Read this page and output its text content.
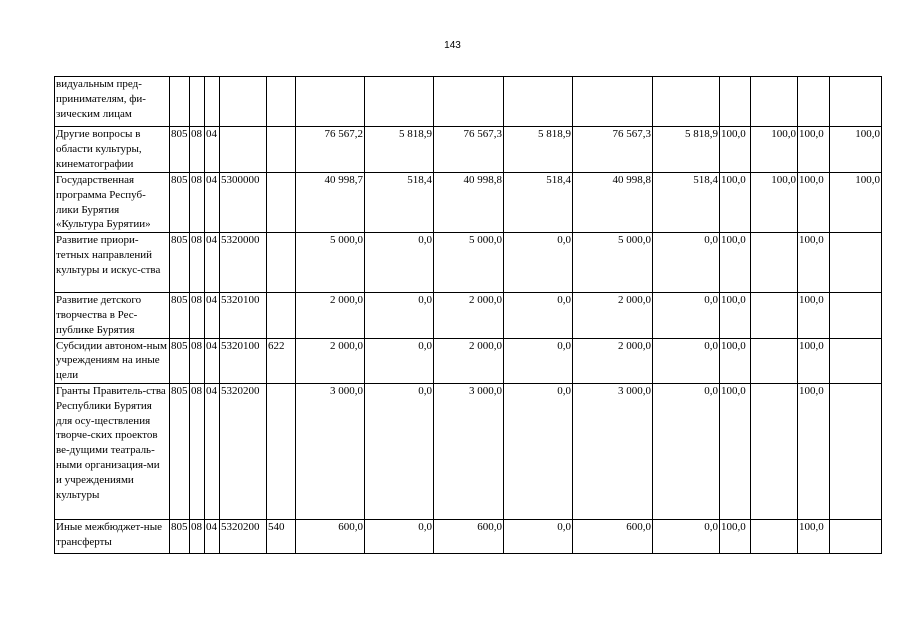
143
видуальным пред-принимателям, фи-зическим лицам															
Другие вопросы в области культуры, кинематографии	805	08	04			76 567,2	5 818,9	76 567,3	5 818,9	76 567,3	5 818,9	100,0	100,0	100,0	100,0
Государственная программа Респуб-лики Бурятия «Культура Бурятии»	805	08	04	5300000		40 998,7	518,4	40 998,8	518,4	40 998,8	518,4	100,0	100,0	100,0	100,0
Развитие приори-тетных направлений культуры и искус-ства	805	08	04	5320000		5 000,0	0,0	5 000,0	0,0	5 000,0	0,0	100,0		100,0	
Развитие детского творчества в Рес-публике Бурятия	805	08	04	5320100		2 000,0	0,0	2 000,0	0,0	2 000,0	0,0	100,0		100,0	
Субсидии автоном-ным учреждениям на иные цели	805	08	04	5320100	622	2 000,0	0,0	2 000,0	0,0	2 000,0	0,0	100,0		100,0	
Гранты Правитель-ства Республики Бурятия для осу-ществления творче-ских проектов ве-дущими театраль-ными организация-ми и учреждениями культуры	805	08	04	5320200		3 000,0	0,0	3 000,0	0,0	3 000,0	0,0	100,0		100,0	
Иные межбюджет-ные трансферты	805	08	04	5320200	540	600,0	0,0	600,0	0,0	600,0	0,0	100,0		100,0	
